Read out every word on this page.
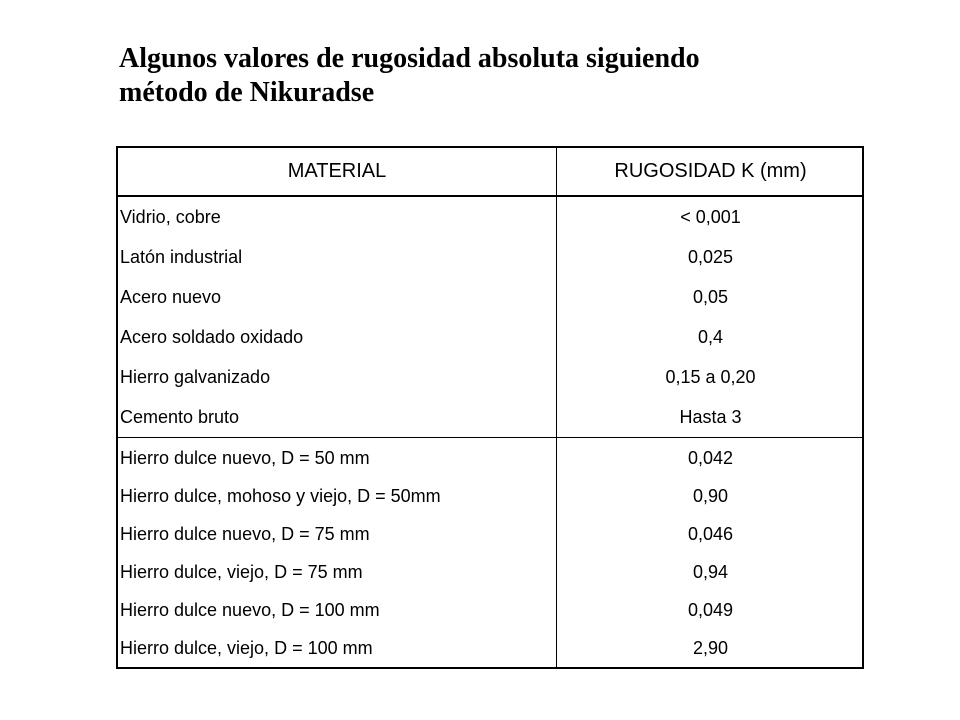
Algunos valores de rugosidad absoluta siguiendo
método de Nikuradse
MATERIAL	RUGOSIDAD K (mm)
Vidrio, cobre	< 0,001
Latón industrial	0,025
Acero nuevo	0,05
Acero soldado oxidado	0,4
Hierro galvanizado	0,15 a 0,20
Cemento bruto	Hasta 3
Hierro dulce nuevo, D = 50 mm	0,042
Hierro dulce, mohoso y viejo, D = 50mm	0,90
Hierro dulce nuevo, D = 75 mm	0,046
Hierro dulce, viejo, D = 75 mm	0,94
Hierro dulce nuevo, D = 100 mm	0,049
Hierro dulce, viejo, D = 100 mm	2,90
